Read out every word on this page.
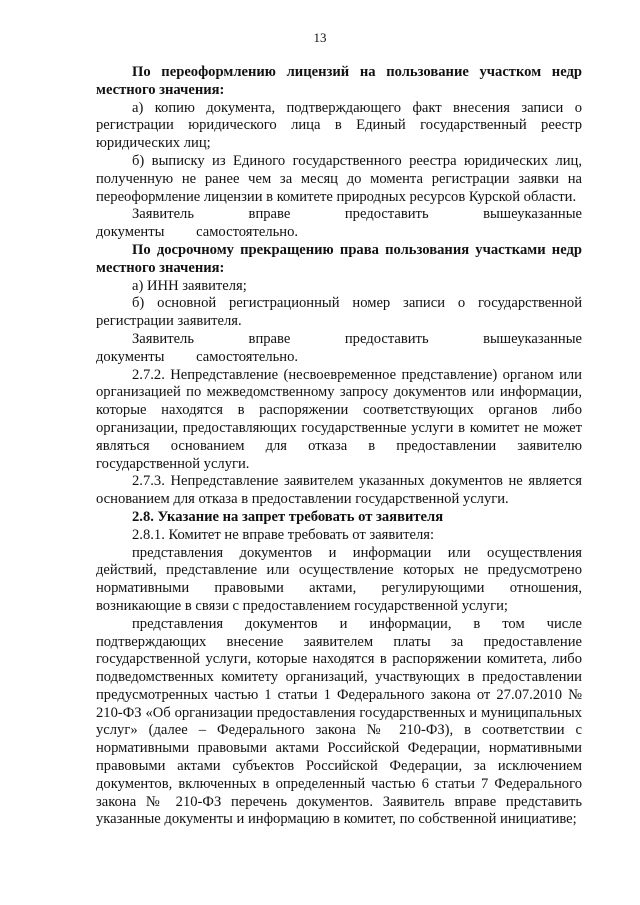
13

По переоформлению лицензий на пользование участком недр местного значения:

а) копию документа, подтверждающего факт внесения записи о регистрации юридического лица в Единый государственный реестр юридических лиц;

б) выписку из Единого государственного реестра юридических лиц, полученную не ранее чем за месяц до момента регистрации заявки на переоформление лицензии в комитете природных ресурсов Курской области.

Заявитель вправе предоставить вышеуказанные документы самостоятельно.

По досрочному прекращению права пользования участками недр местного значения:

а) ИНН заявителя;

б) основной регистрационный номер записи о государственной регистрации заявителя.

Заявитель вправе предоставить вышеуказанные документы самостоятельно.

2.7.2. Непредставление (несвоевременное представление) органом или организацией по межведомственному запросу документов или информации, которые находятся в распоряжении соответствующих органов либо организации, предоставляющих государственные услуги в комитет не может являться основанием для отказа в предоставлении заявителю государственной услуги.

2.7.3. Непредставление заявителем указанных документов не является основанием для отказа в предоставлении государственной услуги.

2.8. Указание на запрет требовать от заявителя

2.8.1. Комитет не вправе требовать от заявителя:

представления документов и информации или осуществления действий, представление или осуществление которых не предусмотрено нормативными правовыми актами, регулирующими отношения, возникающие в связи с предоставлением государственной услуги;

представления документов и информации, в том числе подтверждающих внесение заявителем платы за предоставление государственной услуги, которые находятся в распоряжении комитета, либо подведомственных комитету организаций, участвующих в предоставлении предусмотренных частью 1 статьи 1 Федерального закона от 27.07.2010 № 210-ФЗ «Об организации предоставления государственных и муниципальных услуг» (далее – Федерального закона № 210-ФЗ), в соответствии с нормативными правовыми актами Российской Федерации, нормативными правовыми актами субъектов Российской Федерации, за исключением документов, включенных в определенный частью 6 статьи 7 Федерального закона № 210-ФЗ перечень документов. Заявитель вправе представить указанные документы и информацию в комитет, по собственной инициативе;
